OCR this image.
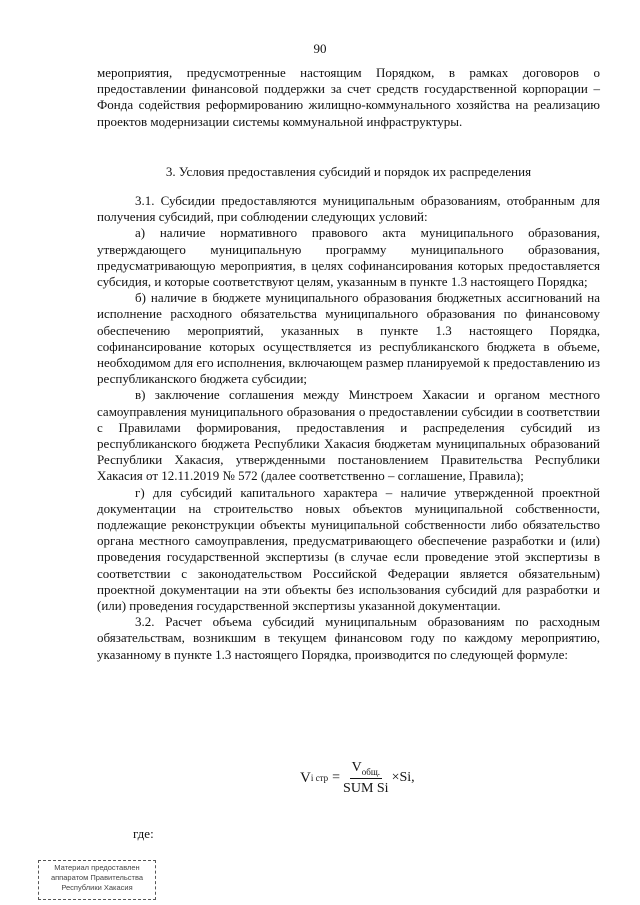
90

мероприятия, предусмотренные настоящим Порядком, в рамках договоров о предоставлении финансовой поддержки за счет средств государственной корпорации – Фонда содействия реформированию жилищно-коммунального хозяйства на реализацию проектов модернизации системы коммунальной инфраструктуры.

3. Условия предоставления субсидий и порядок их распределения

3.1. Субсидии предоставляются муниципальным образованиям, отобранным для получения субсидий, при соблюдении следующих условий:

а) наличие нормативного правового акта муниципального образования, утверждающего муниципальную программу муниципального образования, предусматривающую мероприятия, в целях софинансирования которых предоставляется субсидия, и которые соответствуют целям, указанным в пункте 1.3 настоящего Порядка;

б) наличие в бюджете муниципального образования бюджетных ассигнований на исполнение расходного обязательства муниципального образования по финансовому обеспечению мероприятий, указанных в пункте 1.3 настоящего Порядка, софинансирование которых осуществляется из республиканского бюджета в объеме, необходимом для его исполнения, включающем размер планируемой к предоставлению из республиканского бюджета субсидии;

в) заключение соглашения между Минстроем Хакасии и органом местного самоуправления муниципального образования о предоставлении субсидии в соответствии с Правилами формирования, предоставления и распределения субсидий из республиканского бюджета Республики Хакасия бюджетам муниципальных образований Республики Хакасия, утвержденными постановлением Правительства Республики Хакасия от 12.11.2019 № 572 (далее соответственно – соглашение, Правила);

г) для субсидий капитального характера – наличие утвержденной проектной документации на строительство новых объектов муниципальной собственности, подлежащие реконструкции объекты муниципальной собственности либо обязательство органа местного самоуправления, предусматривающего обеспечение разработки и (или) проведения государственной экспертизы (в случае если проведение этой экспертизы в соответствии с законодательством Российской Федерации является обязательным) проектной документации на эти объекты без использования субсидий для разработки и (или) проведения государственной экспертизы указанной документации.

3.2. Расчет объема субсидий муниципальным образованиям по расходным обязательствам, возникшим в текущем финансовом году по каждому мероприятию, указанному в пункте 1.3 настоящего Порядка, производится по следующей формуле:

V i стр = $\frac{V_{общ.}}{\text{SUM Si}} \times Si$,
где:
Материал предоставлен
аппаратом Правительства
Республики Хакасия
